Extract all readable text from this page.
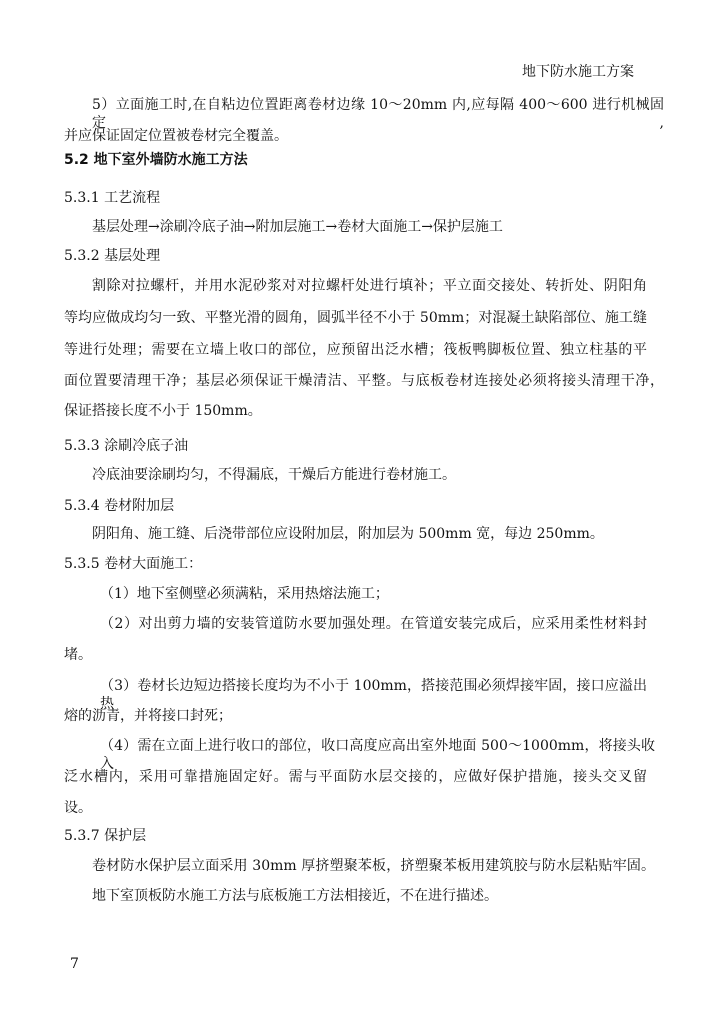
地下防水施工方案
5）立面施工时,在自粘边位置距离卷材边缘 10～20mm 内,应每隔 400～600 进行机械固定,
并应保证固定位置被卷材完全覆盖。
5.2 地下室外墙防水施工方法
5.3.1 工艺流程
基层处理→涂刷冷底子油→附加层施工→卷材大面施工→保护层施工
5.3.2 基层处理
割除对拉螺杆，并用水泥砂浆对对拉螺杆处进行填补；平立面交接处、转折处、阴阳角
等均应做成均匀一致、平整光滑的圆角，圆弧半径不小于 50mm；对混凝土缺陷部位、施工缝
等进行处理；需要在立墙上收口的部位，应预留出泛水槽；筏板鸭脚板位置、独立柱基的平
面位置要清理干净；基层必须保证干燥清洁、平整。与底板卷材连接处必须将接头清理干净，
保证搭接长度不小于 150mm。
5.3.3 涂刷冷底子油
冷底油要涂刷均匀，不得漏底，干燥后方能进行卷材施工。
5.3.4 卷材附加层
阴阳角、施工缝、后浇带部位应设附加层，附加层为 500mm 宽，每边 250mm。
5.3.5 卷材大面施工：
（1）地下室侧壁必须满粘，采用热熔法施工；
（2）对出剪力墙的安装管道防水要加强处理。在管道安装完成后，应采用柔性材料封
堵。
（3）卷材长边短边搭接长度均为不小于 100mm，搭接范围必须焊接牢固，接口应溢出热
熔的沥青，并将接口封死；
（4）需在立面上进行收口的部位，收口高度应高出室外地面 500～1000mm，将接头收入
泛水槽内，采用可靠措施固定好。需与平面防水层交接的，应做好保护措施，接头交叉留
设。
5.3.7 保护层
卷材防水保护层立面采用 30mm 厚挤塑聚苯板，挤塑聚苯板用建筑胶与防水层粘贴牢固。
地下室顶板防水施工方法与底板施工方法相接近，不在进行描述。
7
